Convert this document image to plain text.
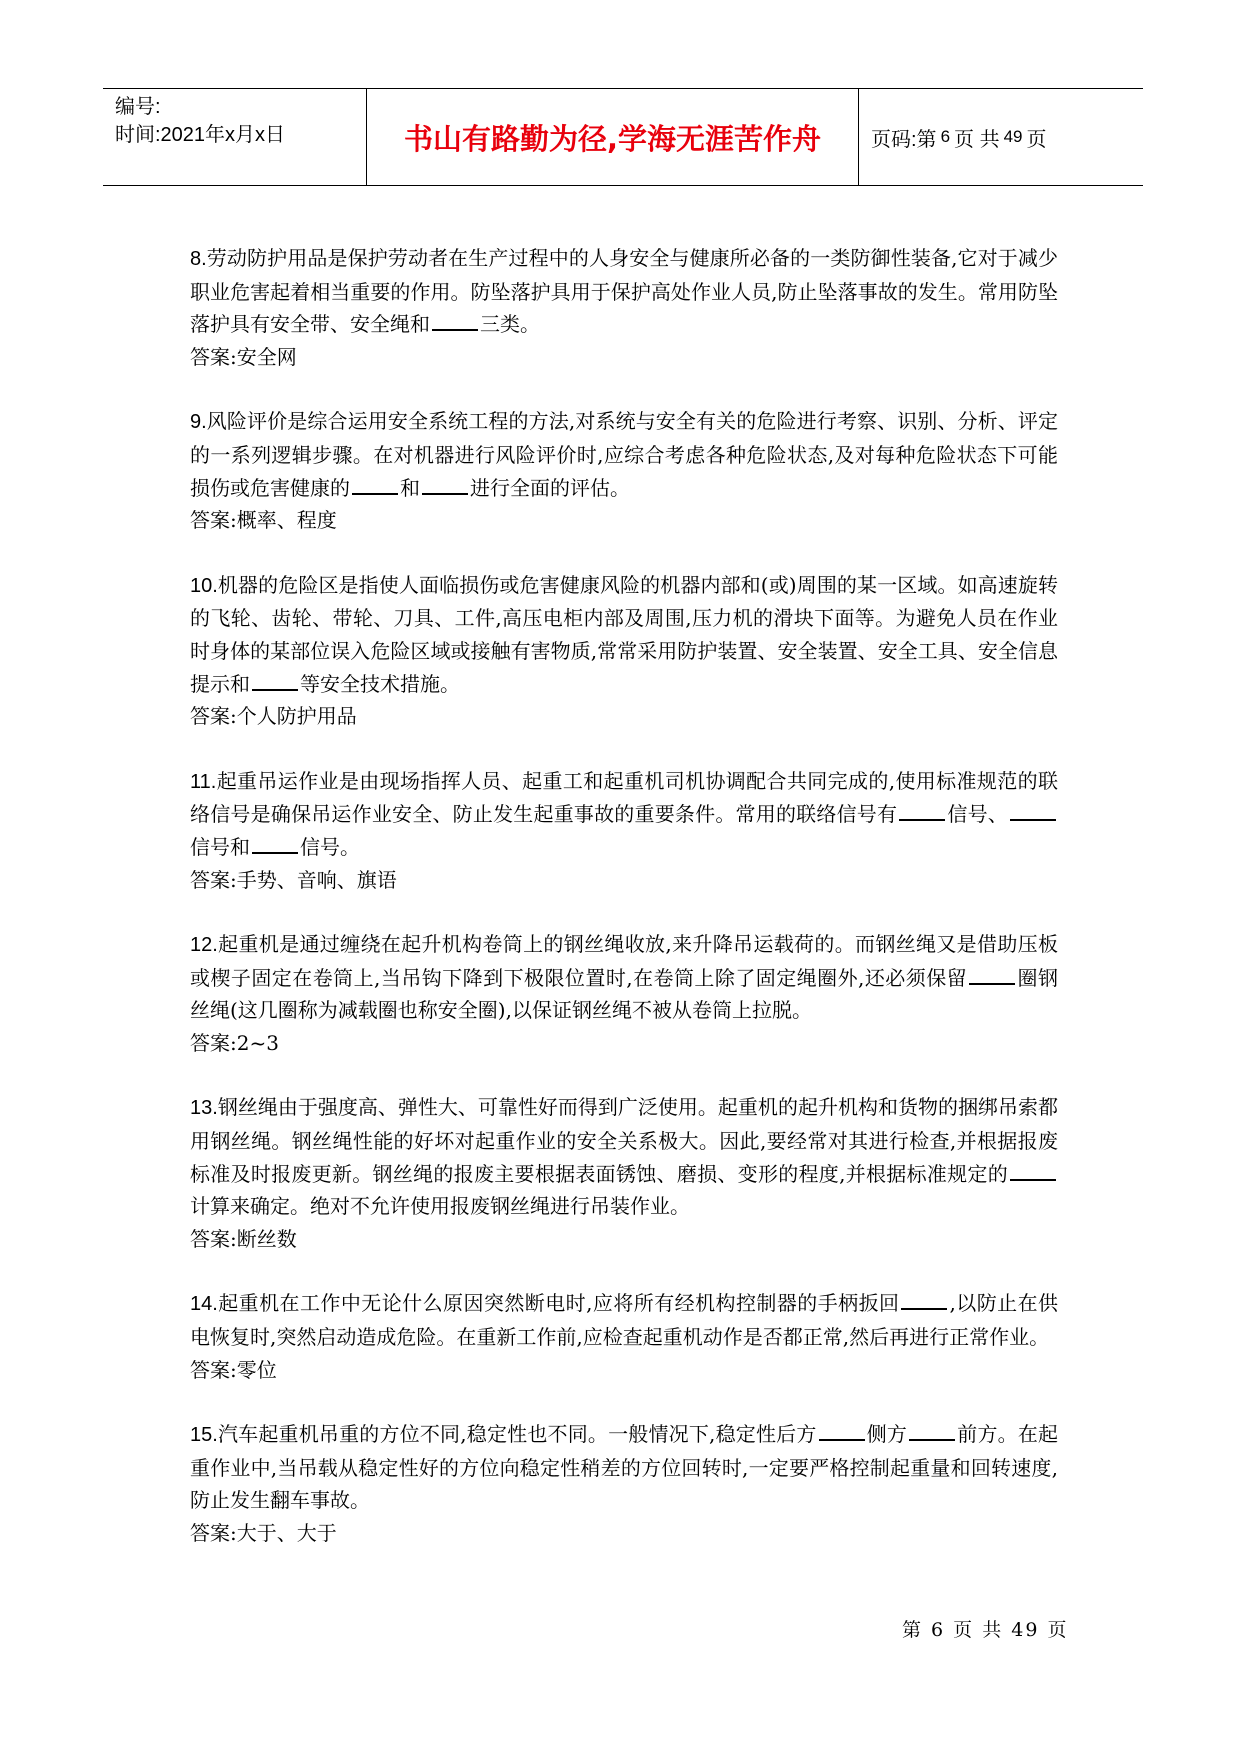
编号:
时间:2021年x月x日	书山有路勤为径,学海无涯苦作舟	页码:第 6 页 共 49 页

8.劳动防护用品是保护劳动者在生产过程中的人身安全与健康所必备的一类防御性装备,它对于减少职业危害起着相当重要的作用。防坠落护具用于保护高处作业人员,防止坠落事故的发生。常用防坠落护具有安全带、安全绳和	三类。

答案:安全网

9.风险评价是综合运用安全系统工程的方法,对系统与安全有关的危险进行考察、识别、分析、评定的一系列逻辑步骤。在对机器进行风险评价时,应综合考虑各种危险状态,及对每种危险状态下可能损伤或危害健康的	和	进行全面的评估。

答案:概率、程度

10.机器的危险区是指使人面临损伤或危害健康风险的机器内部和(或)周围的某一区域。如高速旋转的飞轮、齿轮、带轮、刀具、工件,高压电柜内部及周围,压力机的滑块下面等。为避免人员在作业时身体的某部位误入危险区域或接触有害物质,常常采用防护装置、安全装置、安全工具、安全信息提示和	等安全技术措施。

答案:个人防护用品

11.起重吊运作业是由现场指挥人员、起重工和起重机司机协调配合共同完成的,使用标准规范的联络信号是确保吊运作业安全、防止发生起重事故的重要条件。常用的联络信号有	信号、信号和	信号。

答案:手势、音响、旗语

12.起重机是通过缠绕在起升机构卷筒上的钢丝绳收放,来升降吊运载荷的。而钢丝绳又是借助压板或楔子固定在卷筒上,当吊钩下降到下极限位置时,在卷筒上除了固定绳圈外,还必须保留	圈钢丝绳(这几圈称为减载圈也称安全圈),以保证钢丝绳不被从卷筒上拉脱。

答案:2~3

13.钢丝绳由于强度高、弹性大、可靠性好而得到广泛使用。起重机的起升机构和货物的捆绑吊索都用钢丝绳。钢丝绳性能的好坏对起重作业的安全关系极大。因此,要经常对其进行检查,并根据报废标准及时报废更新。钢丝绳的报废主要根据表面锈蚀、磨损、变形的程度,并根据标准规定的计算来确定。绝对不允许使用报废钢丝绳进行吊装作业。

答案:断丝数

14.起重机在工作中无论什么原因突然断电时,应将所有经机构控制器的手柄扳回	,以防止在供电恢复时,突然启动造成危险。在重新工作前,应检查起重机动作是否都正常,然后再进行正常作业。

答案:零位

15.汽车起重机吊重的方位不同,稳定性也不同。一般情况下,稳定性后方	侧方	前方。在起重作业中,当吊载从稳定性好的方位向稳定性稍差的方位回转时,一定要严格控制起重量和回转速度,防止发生翻车事故。

答案:大于、大于

第 6 页 共 49 页
